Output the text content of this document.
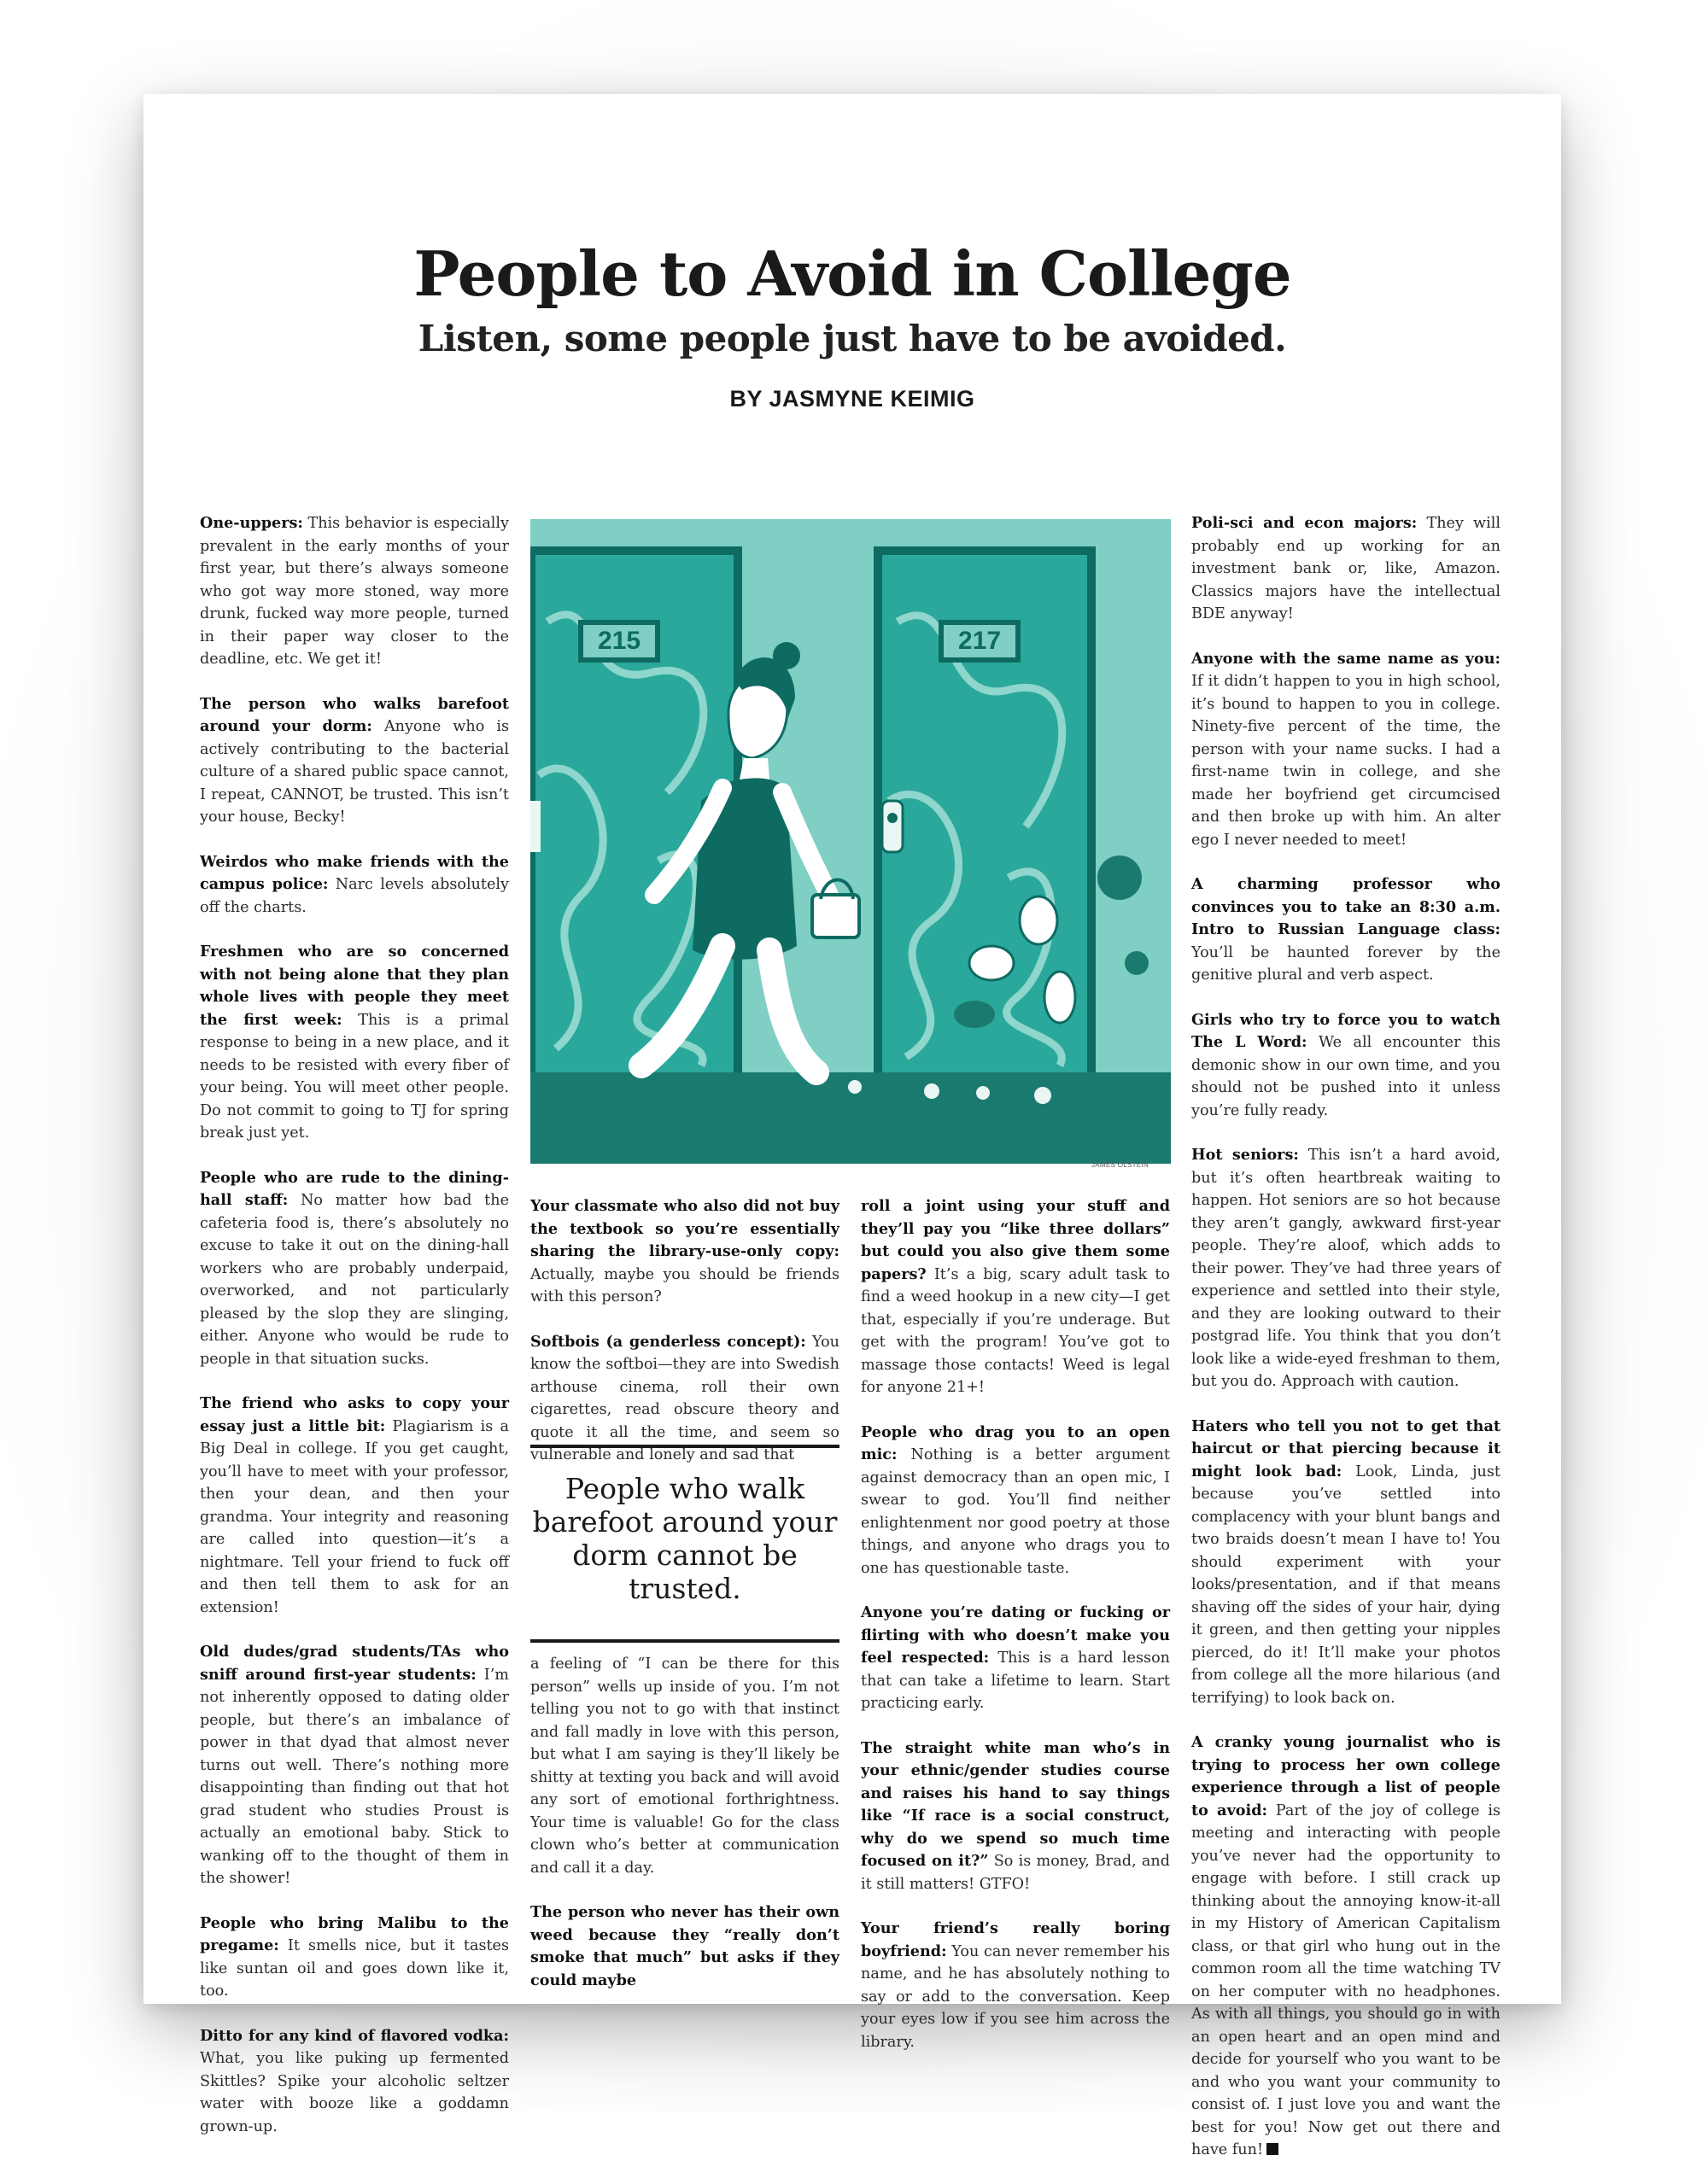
People to Avoid in College
Listen, some people just have to be avoided.
BY JASMYNE KEIMIG

One-uppers: This behavior is especially prevalent in the early months of your first year, but there’s always someone who got way more stoned, way more drunk, fucked way more people, turned in their paper way closer to the deadline, etc. We get it!

The person who walks barefoot around your dorm: Anyone who is actively contributing to the bacterial culture of a shared public space cannot, I repeat, CANNOT, be trusted. This isn’t your house, Becky!

Weirdos who make friends with the campus police: Narc levels absolutely off the charts.

Freshmen who are so concerned with not being alone that they plan whole lives with people they meet the first week: This is a primal response to being in a new place, and it needs to be resisted with every fiber of your being. You will meet other people. Do not commit to going to TJ for spring break just yet.

People who are rude to the dining-hall staff: No matter how bad the cafeteria food is, there’s absolutely no excuse to take it out on the dining-hall workers who are probably underpaid, overworked, and not particularly pleased by the slop they are slinging, either. Anyone who would be rude to people in that situation sucks.

The friend who asks to copy your essay just a little bit: Plagiarism is a Big Deal in college. If you get caught, you’ll have to meet with your professor, then your dean, and then your grandma. Your integrity and reasoning are called into question—it’s a nightmare. Tell your friend to fuck off and then tell them to ask for an extension!

Old dudes/grad students/TAs who sniff around first-year students: I’m not inherently opposed to dating older people, but there’s an imbalance of power in that dyad that almost never turns out well. There’s nothing more disappointing than finding out that hot grad student who studies Proust is actually an emotional baby. Stick to wanking off to the thought of them in the shower!

People who bring Malibu to the pregame: It smells nice, but it tastes like suntan oil and goes down like it, too.

Ditto for any kind of flavored vodka: What, you like puking up fermented Skittles? Spike your alcoholic seltzer water with booze like a goddamn grown-up.

215	217
JAMES OLSTEIN

Your classmate who also did not buy the textbook so you’re essentially sharing the library-use-only copy: Actually, maybe you should be friends with this person?

Softbois (a genderless concept): You know the softboi—they are into Swedish arthouse cinema, roll their own cigarettes, read obscure theory and quote it all the time, and seem so vulnerable and lonely and sad that

People who walk barefoot around your dorm cannot be trusted.

a feeling of “I can be there for this person” wells up inside of you. I’m not telling you not to go with that instinct and fall madly in love with this person, but what I am saying is they’ll likely be shitty at texting you back and will avoid any sort of emotional forthrightness. Your time is valuable! Go for the class clown who’s better at communication and call it a day.

The person who never has their own weed because they “really don’t smoke that much” but asks if they could maybe

roll a joint using your stuff and they’ll pay you “like three dollars” but could you also give them some papers? It’s a big, scary adult task to find a weed hookup in a new city—I get that, especially if you’re underage. But get with the program! You’ve got to massage those contacts! Weed is legal for anyone 21+!

People who drag you to an open mic: Nothing is a better argument against democracy than an open mic, I swear to god. You’ll find neither enlightenment nor good poetry at those things, and anyone who drags you to one has questionable taste.

Anyone you’re dating or fucking or flirting with who doesn’t make you feel respected: This is a hard lesson that can take a lifetime to learn. Start practicing early.

The straight white man who’s in your ethnic/gender studies course and raises his hand to say things like “If race is a social construct, why do we spend so much time focused on it?” So is money, Brad, and it still matters! GTFO!

Your friend’s really boring boyfriend: You can never remember his name, and he has absolutely nothing to say or add to the conversation. Keep your eyes low if you see him across the library.

Poli-sci and econ majors: They will probably end up working for an investment bank or, like, Amazon. Classics majors have the intellectual BDE anyway!

Anyone with the same name as you: If it didn’t happen to you in high school, it’s bound to happen to you in college. Ninety-five percent of the time, the person with your name sucks. I had a first-name twin in college, and she made her boyfriend get circumcised and then broke up with him. An alter ego I never needed to meet!

A charming professor who convinces you to take an 8:30 a.m. Intro to Russian Language class: You’ll be haunted forever by the genitive plural and verb aspect.

Girls who try to force you to watch The L Word: We all encounter this demonic show in our own time, and you should not be pushed into it unless you’re fully ready.

Hot seniors: This isn’t a hard avoid, but it’s often heartbreak waiting to happen. Hot seniors are so hot because they aren’t gangly, awkward first-year people. They’re aloof, which adds to their power. They’ve had three years of experience and settled into their style, and they are looking outward to their postgrad life. You think that you don’t look like a wide-eyed freshman to them, but you do. Approach with caution.

Haters who tell you not to get that haircut or that piercing because it might look bad: Look, Linda, just because you’ve settled into complacency with your blunt bangs and two braids doesn’t mean I have to! You should experiment with your looks/presentation, and if that means shaving off the sides of your hair, dying it green, and then getting your nipples pierced, do it! It’ll make your photos from college all the more hilarious (and terrifying) to look back on.

A cranky young journalist who is trying to process her own college experience through a list of people to avoid: Part of the joy of college is meeting and interacting with people you’ve never had the opportunity to engage with before. I still crack up thinking about the annoying know-it-all in my History of American Capitalism class, or that girl who hung out in the common room all the time watching TV on her computer with no headphones. As with all things, you should go in with an open heart and an open mind and decide for yourself who you want to be and who you want your community to consist of. I just love you and want the best for you! Now get out there and have fun!
